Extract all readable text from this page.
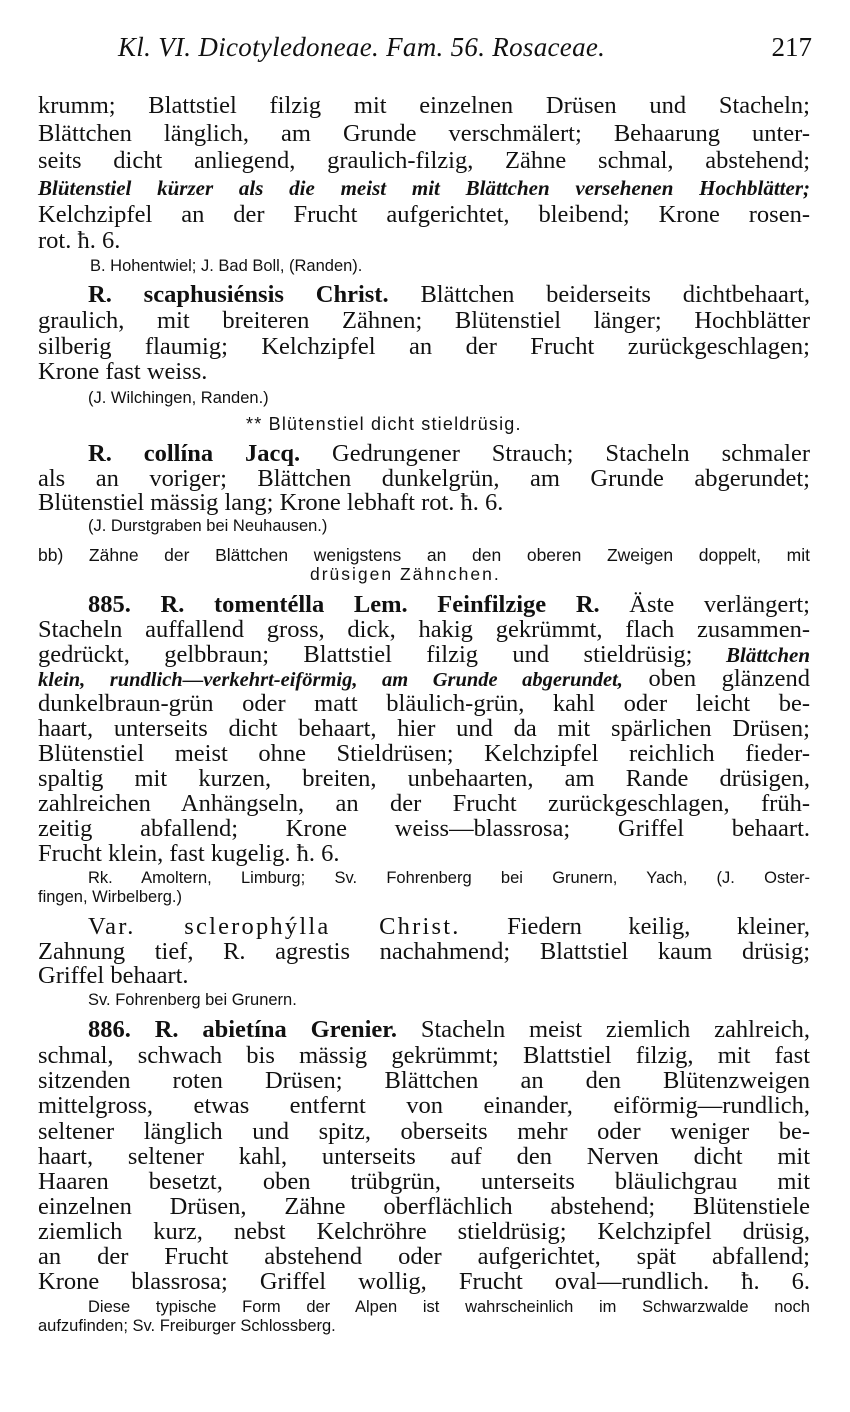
Kl. VI. Dicotyledoneae. Fam. 56. Rosaceae.	217
krumm; Blattstiel filzig mit einzelnen Drüsen und Stacheln;
Blättchen länglich, am Grunde verschmälert; Behaarung unter-
seits dicht anliegend, graulich-filzig, Zähne schmal, abstehend;
Blütenstiel kürzer als die meist mit Blättchen versehenen Hochblätter;
Kelchzipfel an der Frucht aufgerichtet, bleibend; Krone rosen-
rot. ħ. 6.
B. Hohentwiel; J. Bad Boll, (Randen).
R. scaphusiénsis Christ. Blättchen beiderseits dichtbehaart,
graulich, mit breiteren Zähnen; Blütenstiel länger; Hochblätter
silberig flaumig; Kelchzipfel an der Frucht zurückgeschlagen;
Krone fast weiss.
(J. Wilchingen, Randen.)
** Blütenstiel dicht stieldrüsig.
R. collína Jacq. Gedrungener Strauch; Stacheln schmaler
als an voriger; Blättchen dunkelgrün, am Grunde abgerundet;
Blütenstiel mässig lang; Krone lebhaft rot. ħ. 6.
(J. Durstgraben bei Neuhausen.)
bb) Zähne der Blättchen wenigstens an den oberen Zweigen doppelt, mit
drüsigen Zähnchen.
885. R. tomentélla Lem. Feinfilzige R. Äste verlängert;
Stacheln auffallend gross, dick, hakig gekrümmt, flach zusammen-
gedrückt, gelbbraun; Blattstiel filzig und stieldrüsig; Blättchen
klein, rundlich—verkehrt-eiförmig, am Grunde abgerundet, oben glänzend
dunkelbraun-grün oder matt bläulich-grün, kahl oder leicht be-
haart, unterseits dicht behaart, hier und da mit spärlichen Drüsen;
Blütenstiel meist ohne Stieldrüsen; Kelchzipfel reichlich fieder-
spaltig mit kurzen, breiten, unbehaarten, am Rande drüsigen,
zahlreichen Anhängseln, an der Frucht zurückgeschlagen, früh-
zeitig abfallend; Krone weiss—blassrosa; Griffel behaart.
Frucht klein, fast kugelig. ħ. 6.
Rk. Amoltern, Limburg; Sv. Fohrenberg bei Grunern, Yach, (J. Oster-
fingen, Wirbelberg.)
Var. sclerophýlla Christ. Fiedern keilig, kleiner,
Zahnung tief, R. agrestis nachahmend; Blattstiel kaum drüsig;
Griffel behaart.
Sv. Fohrenberg bei Grunern.
886. R. abietína Grenier. Stacheln meist ziemlich zahlreich,
schmal, schwach bis mässig gekrümmt; Blattstiel filzig, mit fast
sitzenden roten Drüsen; Blättchen an den Blütenzweigen
mittelgross, etwas entfernt von einander, eiförmig—rundlich,
seltener länglich und spitz, oberseits mehr oder weniger be-
haart, seltener kahl, unterseits auf den Nerven dicht mit
Haaren besetzt, oben trübgrün, unterseits bläulichgrau mit
einzelnen Drüsen, Zähne oberflächlich abstehend; Blütenstiele
ziemlich kurz, nebst Kelchröhre stieldrüsig; Kelchzipfel drüsig,
an der Frucht abstehend oder aufgerichtet, spät abfallend;
Krone blassrosa; Griffel wollig, Frucht oval—rundlich. ħ. 6.
Diese typische Form der Alpen ist wahrscheinlich im Schwarzwalde noch
aufzufinden; Sv. Freiburger Schlossberg.
